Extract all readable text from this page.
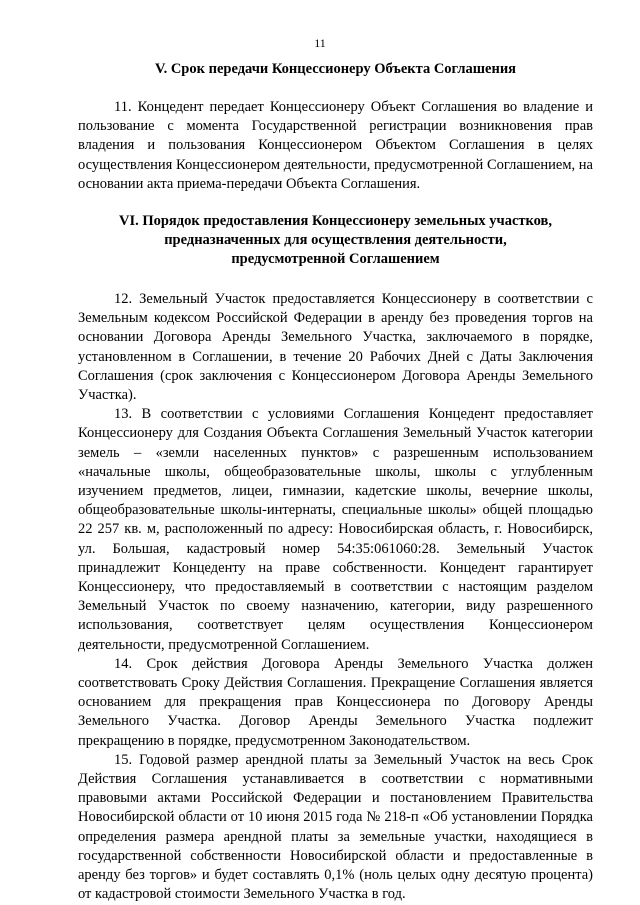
11
V. Срок передачи Концессионеру Объекта Соглашения

11. Концедент передает Концессионеру Объект Соглашения во владение и пользование с момента Государственной регистрации возникновения прав владения и пользования Концессионером Объектом Соглашения в целях осуществления Концессионером деятельности, предусмотренной Соглашением, на основании акта приема-передачи Объекта Соглашения.

VI. Порядок предоставления Концессионеру земельных участков,
предназначенных для осуществления деятельности,
предусмотренной Соглашением

12. Земельный Участок предоставляется Концессионеру в соответствии с Земельным кодексом Российской Федерации в аренду без проведения торгов на основании Договора Аренды Земельного Участка, заключаемого в порядке, установленном в Соглашении, в течение 20 Рабочих Дней с Даты Заключения Соглашения (срок заключения с Концессионером Договора Аренды Земельного Участка).

13. В соответствии с условиями Соглашения Концедент предоставляет Концессионеру для Создания Объекта Соглашения Земельный Участок категории земель – «земли населенных пунктов» с разрешенным использованием «начальные школы, общеобразовательные школы, школы с углубленным изучением предметов, лицеи, гимназии, кадетские школы, вечерние школы, общеобразовательные школы-интернаты, специальные школы» общей площадью 22 257 кв. м, расположенный по адресу: Новосибирская область, г. Новосибирск, ул. Большая, кадастровый номер 54:35:061060:28. Земельный Участок принадлежит Концеденту на праве собственности. Концедент гарантирует Концессионеру, что предоставляемый в соответствии с настоящим разделом Земельный Участок по своему назначению, категории, виду разрешенного использования, соответствует целям осуществления Концессионером деятельности, предусмотренной Соглашением.

14. Срок действия Договора Аренды Земельного Участка должен соответствовать Сроку Действия Соглашения. Прекращение Соглашения является основанием для прекращения прав Концессионера по Договору Аренды Земельного Участка. Договор Аренды Земельного Участка подлежит прекращению в порядке, предусмотренном Законодательством.

15. Годовой размер арендной платы за Земельный Участок на весь Срок Действия Соглашения устанавливается в соответствии с нормативными правовыми актами Российской Федерации и постановлением Правительства Новосибирской области от 10 июня 2015 года № 218-п «Об установлении Порядка определения размера арендной платы за земельные участки, находящиеся в государственной собственности Новосибирской области и предоставленные в аренду без торгов» и будет составлять 0,1% (ноль целых одну десятую процента) от кадастровой стоимости Земельного Участка в год.
